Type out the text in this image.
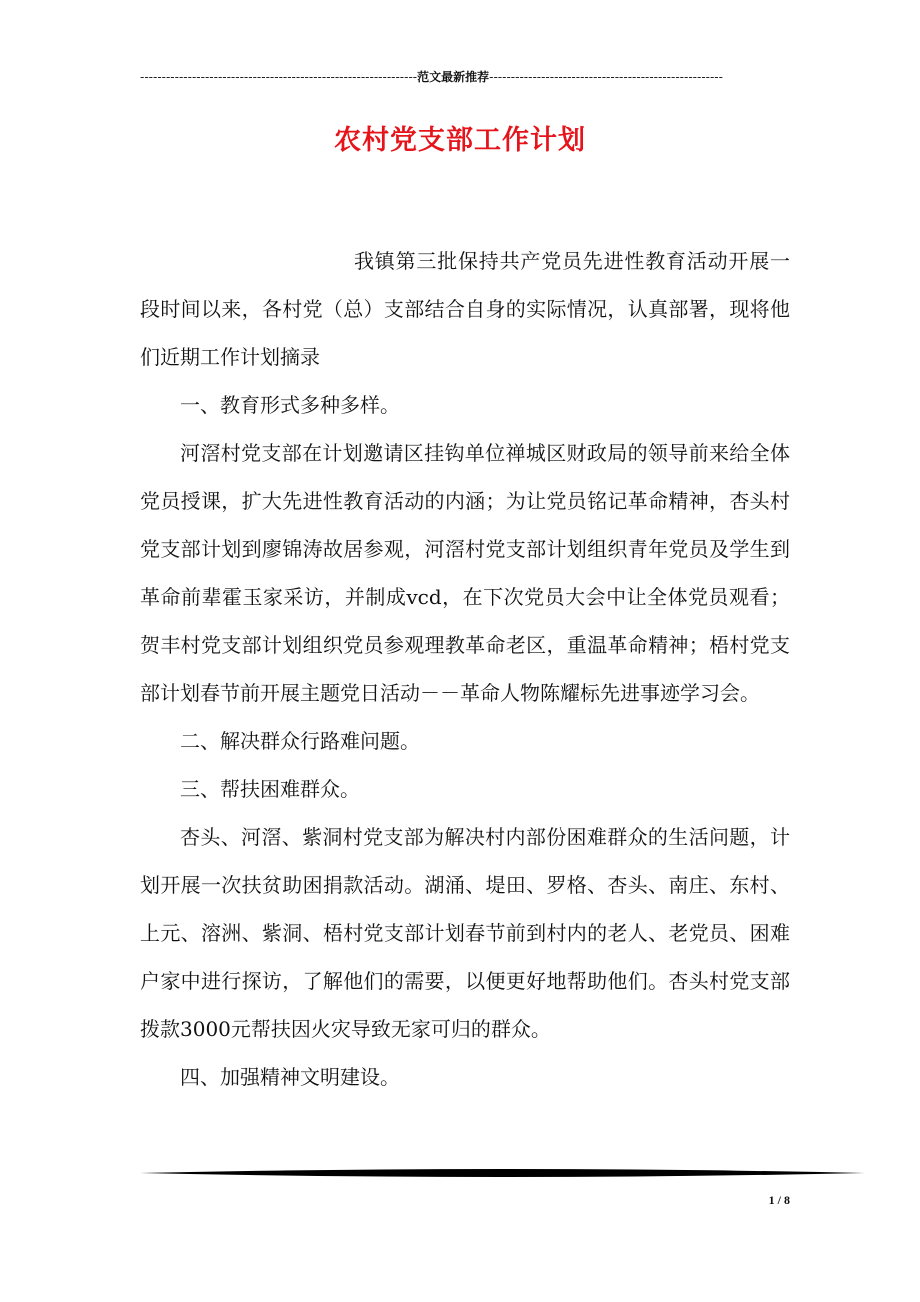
----------------------------------------------------------------范文最新推荐------------------------------------------------------
农村党支部工作计划

我镇第三批保持共产党员先进性教育活动开展一段时间以来，各村党（总）支部结合自身的实际情况，认真部署，现将他们近期工作计划摘录

一、教育形式多种多样。

河滘村党支部在计划邀请区挂钩单位禅城区财政局的领导前来给全体党员授课，扩大先进性教育活动的内涵；为让党员铭记革命精神，杏头村党支部计划到廖锦涛故居参观，河滘村党支部计划组织青年党员及学生到革命前辈霍玉家采访，并制成vcd，在下次党员大会中让全体党员观看；贺丰村党支部计划组织党员参观理教革命老区，重温革命精神；梧村党支部计划春节前开展主题党日活动－－革命人物陈耀标先进事迹学习会。

二、解决群众行路难问题。

三、帮扶困难群众。

杏头、河滘、紫洞村党支部为解决村内部份困难群众的生活问题，计划开展一次扶贫助困捐款活动。湖涌、堤田、罗格、杏头、南庄、东村、上元、溶洲、紫洞、梧村党支部计划春节前到村内的老人、老党员、困难户家中进行探访，了解他们的需要，以便更好地帮助他们。杏头村党支部拨款3000元帮扶因火灾导致无家可归的群众。

四、加强精神文明建设。

1 / 8
